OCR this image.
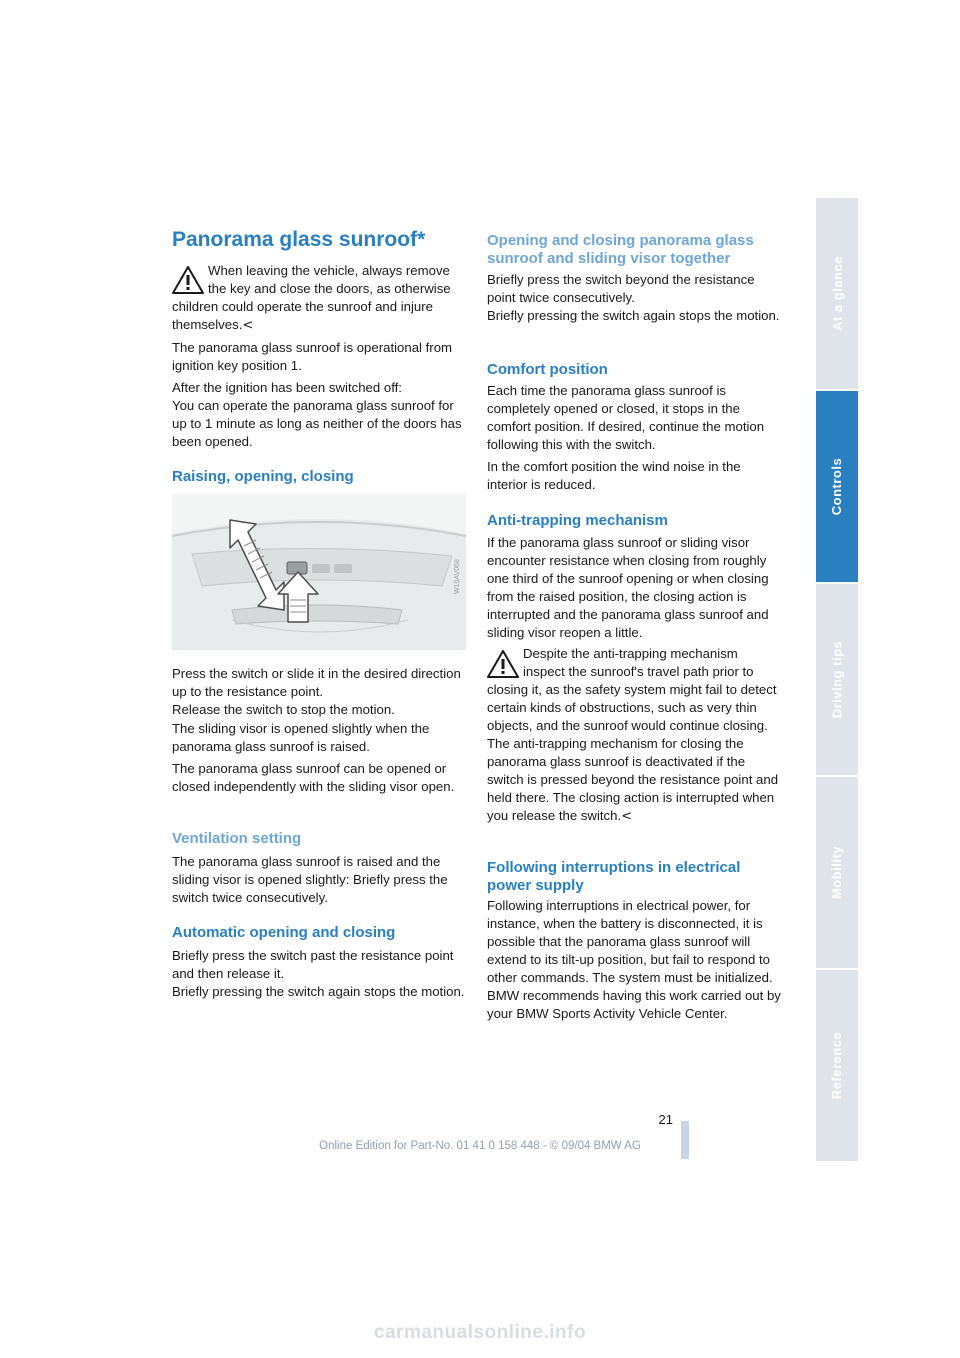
Panorama glass sunroof*

When leaving the vehicle, always remove

the key and close the doors, as otherwise

children could operate the sunroof and injure themselves.<

The panorama glass sunroof is operational from ignition key position 1.

After the ignition has been switched off:

You can operate the panorama glass sunroof for up to 1 minute as long as neither of the doors has been opened.

Raising, opening, closing

Press the switch or slide it in the desired direction up to the resistance point.

Release the switch to stop the motion.

The sliding visor is opened slightly when the panorama glass sunroof is raised.

The panorama glass sunroof can be opened or closed independently with the sliding visor open.

Ventilation setting

The panorama glass sunroof is raised and the sliding visor is opened slightly: Briefly press the switch twice consecutively.

Automatic opening and closing

Briefly press the switch past the resistance point and then release it.

Briefly pressing the switch again stops the motion.

W10AV068
Opening and closing panorama glass sunroof and sliding visor together

Briefly press the switch beyond the resistance point twice consecutively.

Briefly pressing the switch again stops the motion.

Comfort position

Each time the panorama glass sunroof is completely opened or closed, it stops in the comfort position. If desired, continue the motion following this with the switch.

In the comfort position the wind noise in the interior is reduced.

Anti-trapping mechanism

If the panorama glass sunroof or sliding visor encounter resistance when closing from roughly one third of the sunroof opening or when closing from the raised position, the closing action is interrupted and the panorama glass sunroof and sliding visor reopen a little.

Despite the anti-trapping mechanism

inspect the sunroof's travel path prior to

closing it, as the safety system might fail to detect certain kinds of obstructions, such as very thin objects, and the sunroof would continue closing.

The anti-trapping mechanism for closing the panorama glass sunroof is deactivated if the switch is pressed beyond the resistance point and held there. The closing action is interrupted when you release the switch.<

Following interruptions in electrical power supply

Following interruptions in electrical power, for instance, when the battery is disconnected, it is possible that the panorama glass sunroof will extend to its tilt-up position, but fail to respond to other commands. The system must be initialized. BMW recommends having this work carried out by your BMW Sports Activity Vehicle Center.

At a glance
Controls
Driving tips
Mobility
Reference
21
Online Edition for Part-No. 01 41 0 158 448 - © 09/04 BMW AG
carmanualsonline.info
